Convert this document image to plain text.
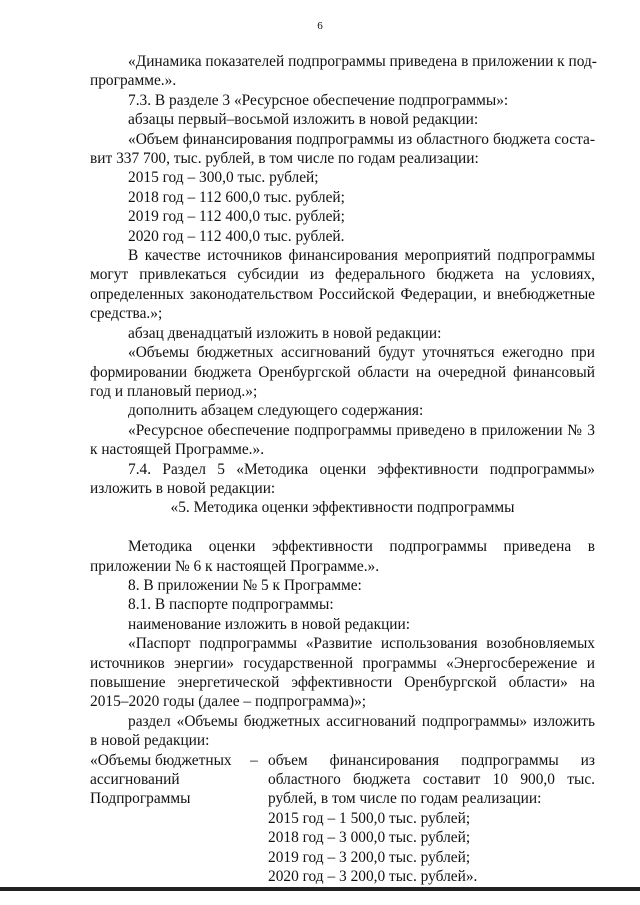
6

«Динамика показателей подпрограммы приведена в приложении к под-

программе.».

7.3. В разделе 3 «Ресурсное обеспечение подпрограммы»:

абзацы первый–восьмой изложить в новой редакции:

«Объем финансирования подпрограммы из областного бюджета соста-

вит 337 700, тыс. рублей, в том числе по годам реализации:

2015 год – 300,0 тыс. рублей;

2018 год – 112 600,0 тыс. рублей;

2019 год – 112 400,0 тыс. рублей;

2020 год – 112 400,0 тыс. рублей.

В качестве источников финансирования мероприятий подпрограммы могут привлекаться субсидии из федерального бюджета на условиях, определенных законодательством Российской Федерации, и внебюджетные средства.»;

абзац двенадцатый изложить в новой редакции:

«Объемы бюджетных ассигнований будут уточняться ежегодно при формировании бюджета Оренбургской области на очередной финансовый год и плановый период.»;

дополнить абзацем следующего содержания:

«Ресурсное обеспечение подпрограммы приведено в приложении № 3 к настоящей Программе.».

7.4. Раздел 5 «Методика оценки эффективности подпрограммы» изложить в новой редакции:

«5. Методика оценки эффективности подпрограммы

Методика оценки эффективности подпрограммы приведена в приложении № 6 к настоящей Программе.».

8. В приложении № 5 к Программе:

8.1. В паспорте подпрограммы:

наименование изложить в новой редакции:

«Паспорт подпрограммы «Развитие использования возобновляемых источников энергии» государственной программы «Энергосбережение и повышение энергетической эффективности Оренбургской области» на 2015–2020 годы (далее – подпрограмма)»;

раздел «Объемы бюджетных ассигнований подпрограммы» изложить в новой редакции:

«Объемы бюджетных
ассигнований
Подпрограммы
– объем финансирования подпрограммы из областного бюджета составит 10 900,0 тыс. рублей, в том числе по годам реализации:
2015 год – 1 500,0 тыс. рублей;
2018 год – 3 000,0 тыс. рублей;
2019 год – 3 200,0 тыс. рублей;
2020 год – 3 200,0 тыс. рублей».
